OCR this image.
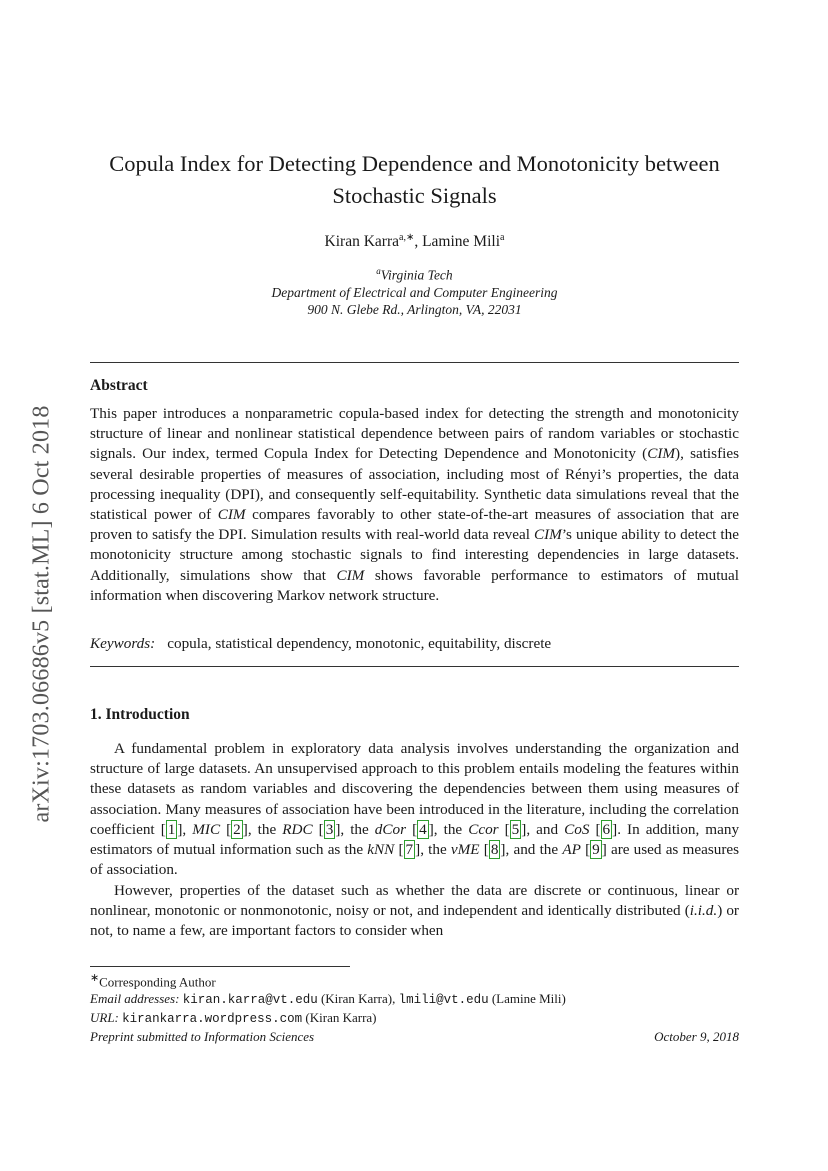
arXiv:1703.06686v5 [stat.ML] 6 Oct 2018
Copula Index for Detecting Dependence and Monotonicity between Stochastic Signals
Kiran Karra$^{a,∗}$, Lamine Mili$^a$
$^a$Virginia Tech
Department of Electrical and Computer Engineering
900 N. Glebe Rd., Arlington, VA, 22031
Abstract
This paper introduces a nonparametric copula-based index for detecting the strength and monotonicity structure of linear and nonlinear statistical dependence between pairs of random variables or stochastic signals. Our index, termed Copula Index for Detecting Dependence and Monotonicity (CIM), satisfies several desirable properties of measures of association, including most of Rényi’s properties, the data processing inequality (DPI), and consequently self-equitability. Synthetic data simulations reveal that the statistical power of CIM compares favorably to other state-of-the-art measures of association that are proven to satisfy the DPI. Simulation results with real-world data reveal CIM’s unique ability to detect the monotonicity structure among stochastic signals to find interesting dependencies in large datasets. Additionally, simulations show that CIM shows favorable performance to estimators of mutual information when discovering Markov network structure.
Keywords: copula, statistical dependency, monotonic, equitability, discrete
1. Introduction
A fundamental problem in exploratory data analysis involves understanding the organization and structure of large datasets. An unsupervised approach to this problem entails modeling the features within these datasets as random variables and discovering the dependencies between them using measures of association. Many measures of association have been introduced in the literature, including the correlation coefficient [ 1 ], MIC [ 2 ], the RDC [ 3 ], the dCor [ 4 ], the Ccor [ 5 ], and CoS [ 6 ]. In addition, many estimators of mutual information such as the kNN [ 7 ], the vME [ 8 ], and the AP [ 9 ] are used as measures of association.
However, properties of the dataset such as whether the data are discrete or continuous, linear or nonlinear, monotonic or nonmonotonic, noisy or not, and independent and identically distributed (i.i.d.) or not, to name a few, are important factors to consider when
∗Corresponding Author
Email addresses: kiran.karra@vt.edu (Kiran Karra), lmili@vt.edu (Lamine Mili)
URL: kirankarra.wordpress.com (Kiran Karra)
Preprint submitted to Information Sciences	October 9, 2018
